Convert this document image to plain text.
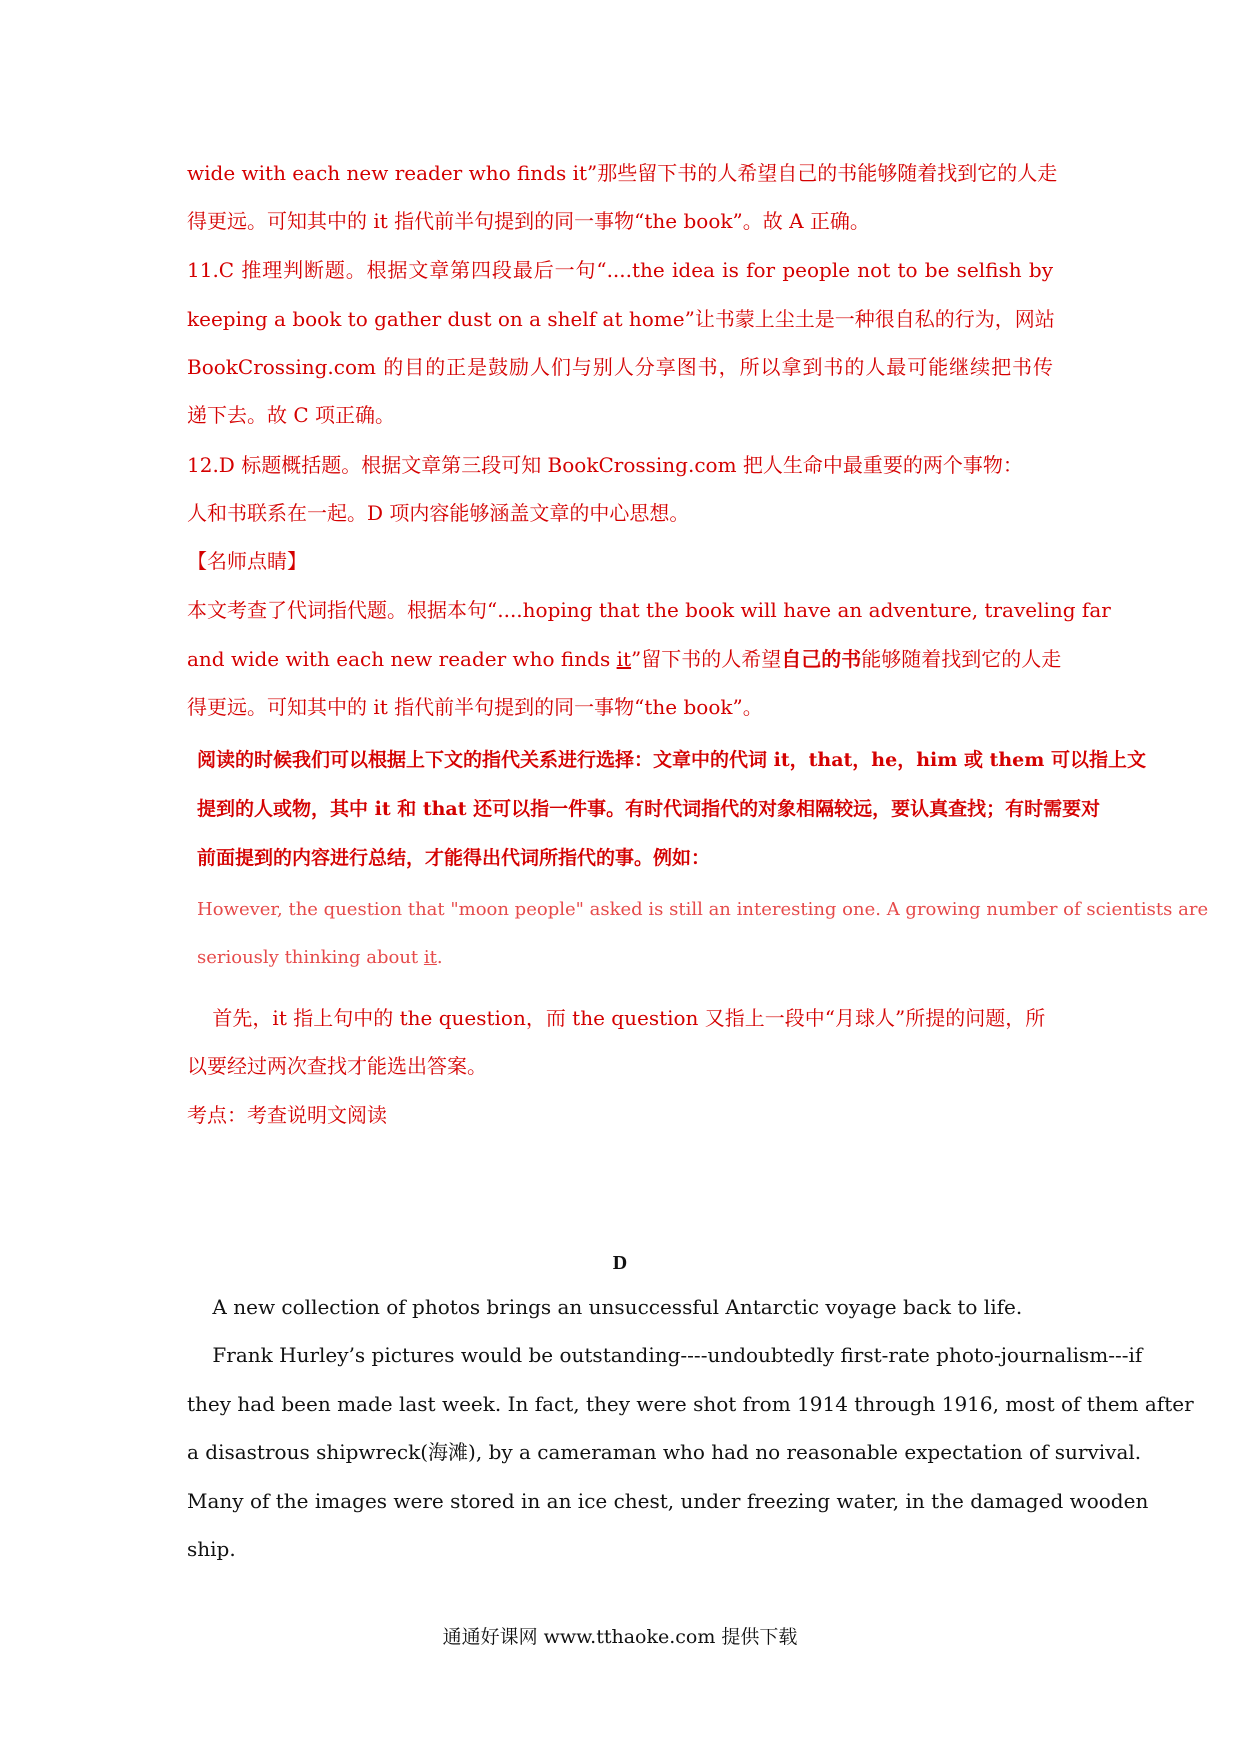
wide with each new reader who finds it”那些留下书的人希望自己的书能够随着找到它的人走

得更远。可知其中的 it 指代前半句提到的同一事物“the book”。故 A 正确。

11.C 推理判断题。根据文章第四段最后一句“....the idea is for people not to be selfish by

keeping a book to gather dust on a shelf at home”让书蒙上尘土是一种很自私的行为，网站

BookCrossing.com 的目的正是鼓励人们与别人分享图书，所以拿到书的人最可能继续把书传

递下去。故 C 项正确。

12.D 标题概括题。根据文章第三段可知 BookCrossing.com 把人生命中最重要的两个事物：

人和书联系在一起。D 项内容能够涵盖文章的中心思想。

【名师点睛】

本文考查了代词指代题。根据本句“....hoping that the book will have an adventure, traveling far

and wide with each new reader who finds it”留下书的人希望自己的书能够随着找到它的人走

得更远。可知其中的 it 指代前半句提到的同一事物“the book”。

阅读的时候我们可以根据上下文的指代关系进行选择：文章中的代词 it，that，he，him 或 them 可以指上文

提到的人或物，其中 it 和 that 还可以指一件事。有时代词指代的对象相隔较远，要认真查找；有时需要对

前面提到的内容进行总结，才能得出代词所指代的事。例如：

However, the question that "moon people" asked is still an interesting one. A growing number of scientists are

seriously thinking about it.

首先，it 指上句中的 the question，而 the question 又指上一段中“月球人”所提的问题，所

以要经过两次查找才能选出答案。

考点：考查说明文阅读

D

A new collection of photos brings an unsuccessful Antarctic voyage back to life.

Frank Hurley’s pictures would be outstanding----undoubtedly first-rate photo-journalism---if

they had been made last week. In fact, they were shot from 1914 through 1916, most of them after

a disastrous shipwreck(海滩), by a cameraman who had no reasonable expectation of survival.

Many of the images were stored in an ice chest, under freezing water, in the damaged wooden

ship.

通通好课网 www.tthaoke.com 提供下载
